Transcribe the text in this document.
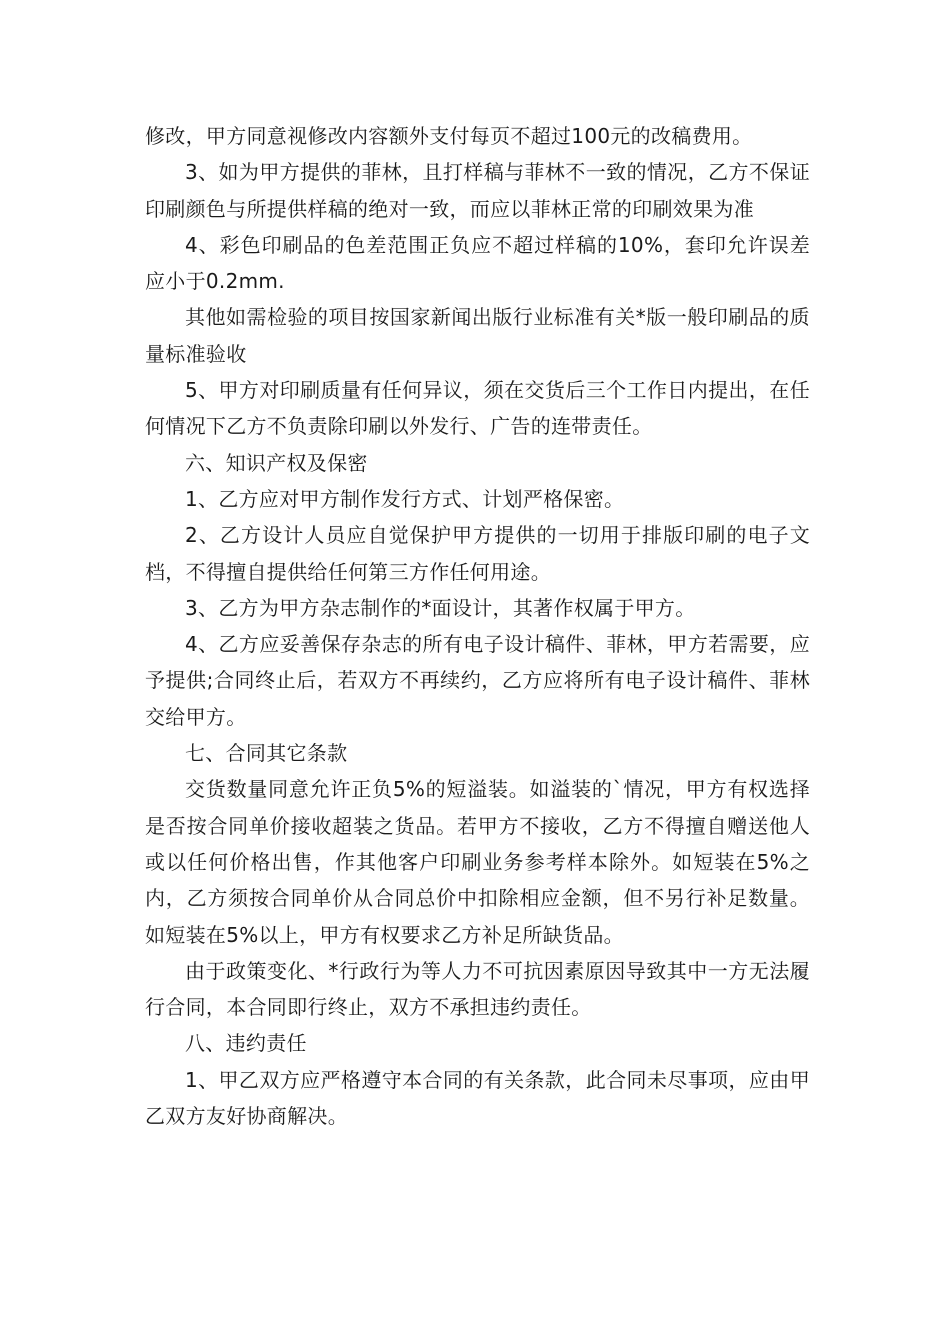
修改，甲方同意视修改内容额外支付每页不超过100元的改稿费用。

3、如为甲方提供的菲林，且打样稿与菲林不一致的情况，乙方不保证印刷颜色与所提供样稿的绝对一致，而应以菲林正常的印刷效果为准

4、彩色印刷品的色差范围正负应不超过样稿的10%，套印允许误差应小于0.2mm.

其他如需检验的项目按国家新闻出版行业标准有关*版一般印刷品的质量标准验收

5、甲方对印刷质量有任何异议，须在交货后三个工作日内提出，在任何情况下乙方不负责除印刷以外发行、广告的连带责任。

六、知识产权及保密

1、乙方应对甲方制作发行方式、计划严格保密。

2、乙方设计人员应自觉保护甲方提供的一切用于排版印刷的电子文档，不得擅自提供给任何第三方作任何用途。

3、乙方为甲方杂志制作的*面设计，其著作权属于甲方。

4、乙方应妥善保存杂志的所有电子设计稿件、菲林，甲方若需要，应予提供;合同终止后，若双方不再续约，乙方应将所有电子设计稿件、菲林交给甲方。

七、合同其它条款

交货数量同意允许正负5%的短溢装。如溢装的`情况，甲方有权选择是否按合同单价接收超装之货品。若甲方不接收，乙方不得擅自赠送他人或以任何价格出售，作其他客户印刷业务参考样本除外。如短装在5%之内，乙方须按合同单价从合同总价中扣除相应金额，但不另行补足数量。如短装在5%以上，甲方有权要求乙方补足所缺货品。

由于政策变化、*行政行为等人力不可抗因素原因导致其中一方无法履行合同，本合同即行终止，双方不承担违约责任。

八、违约责任

1、甲乙双方应严格遵守本合同的有关条款，此合同未尽事项，应由甲乙双方友好协商解决。
